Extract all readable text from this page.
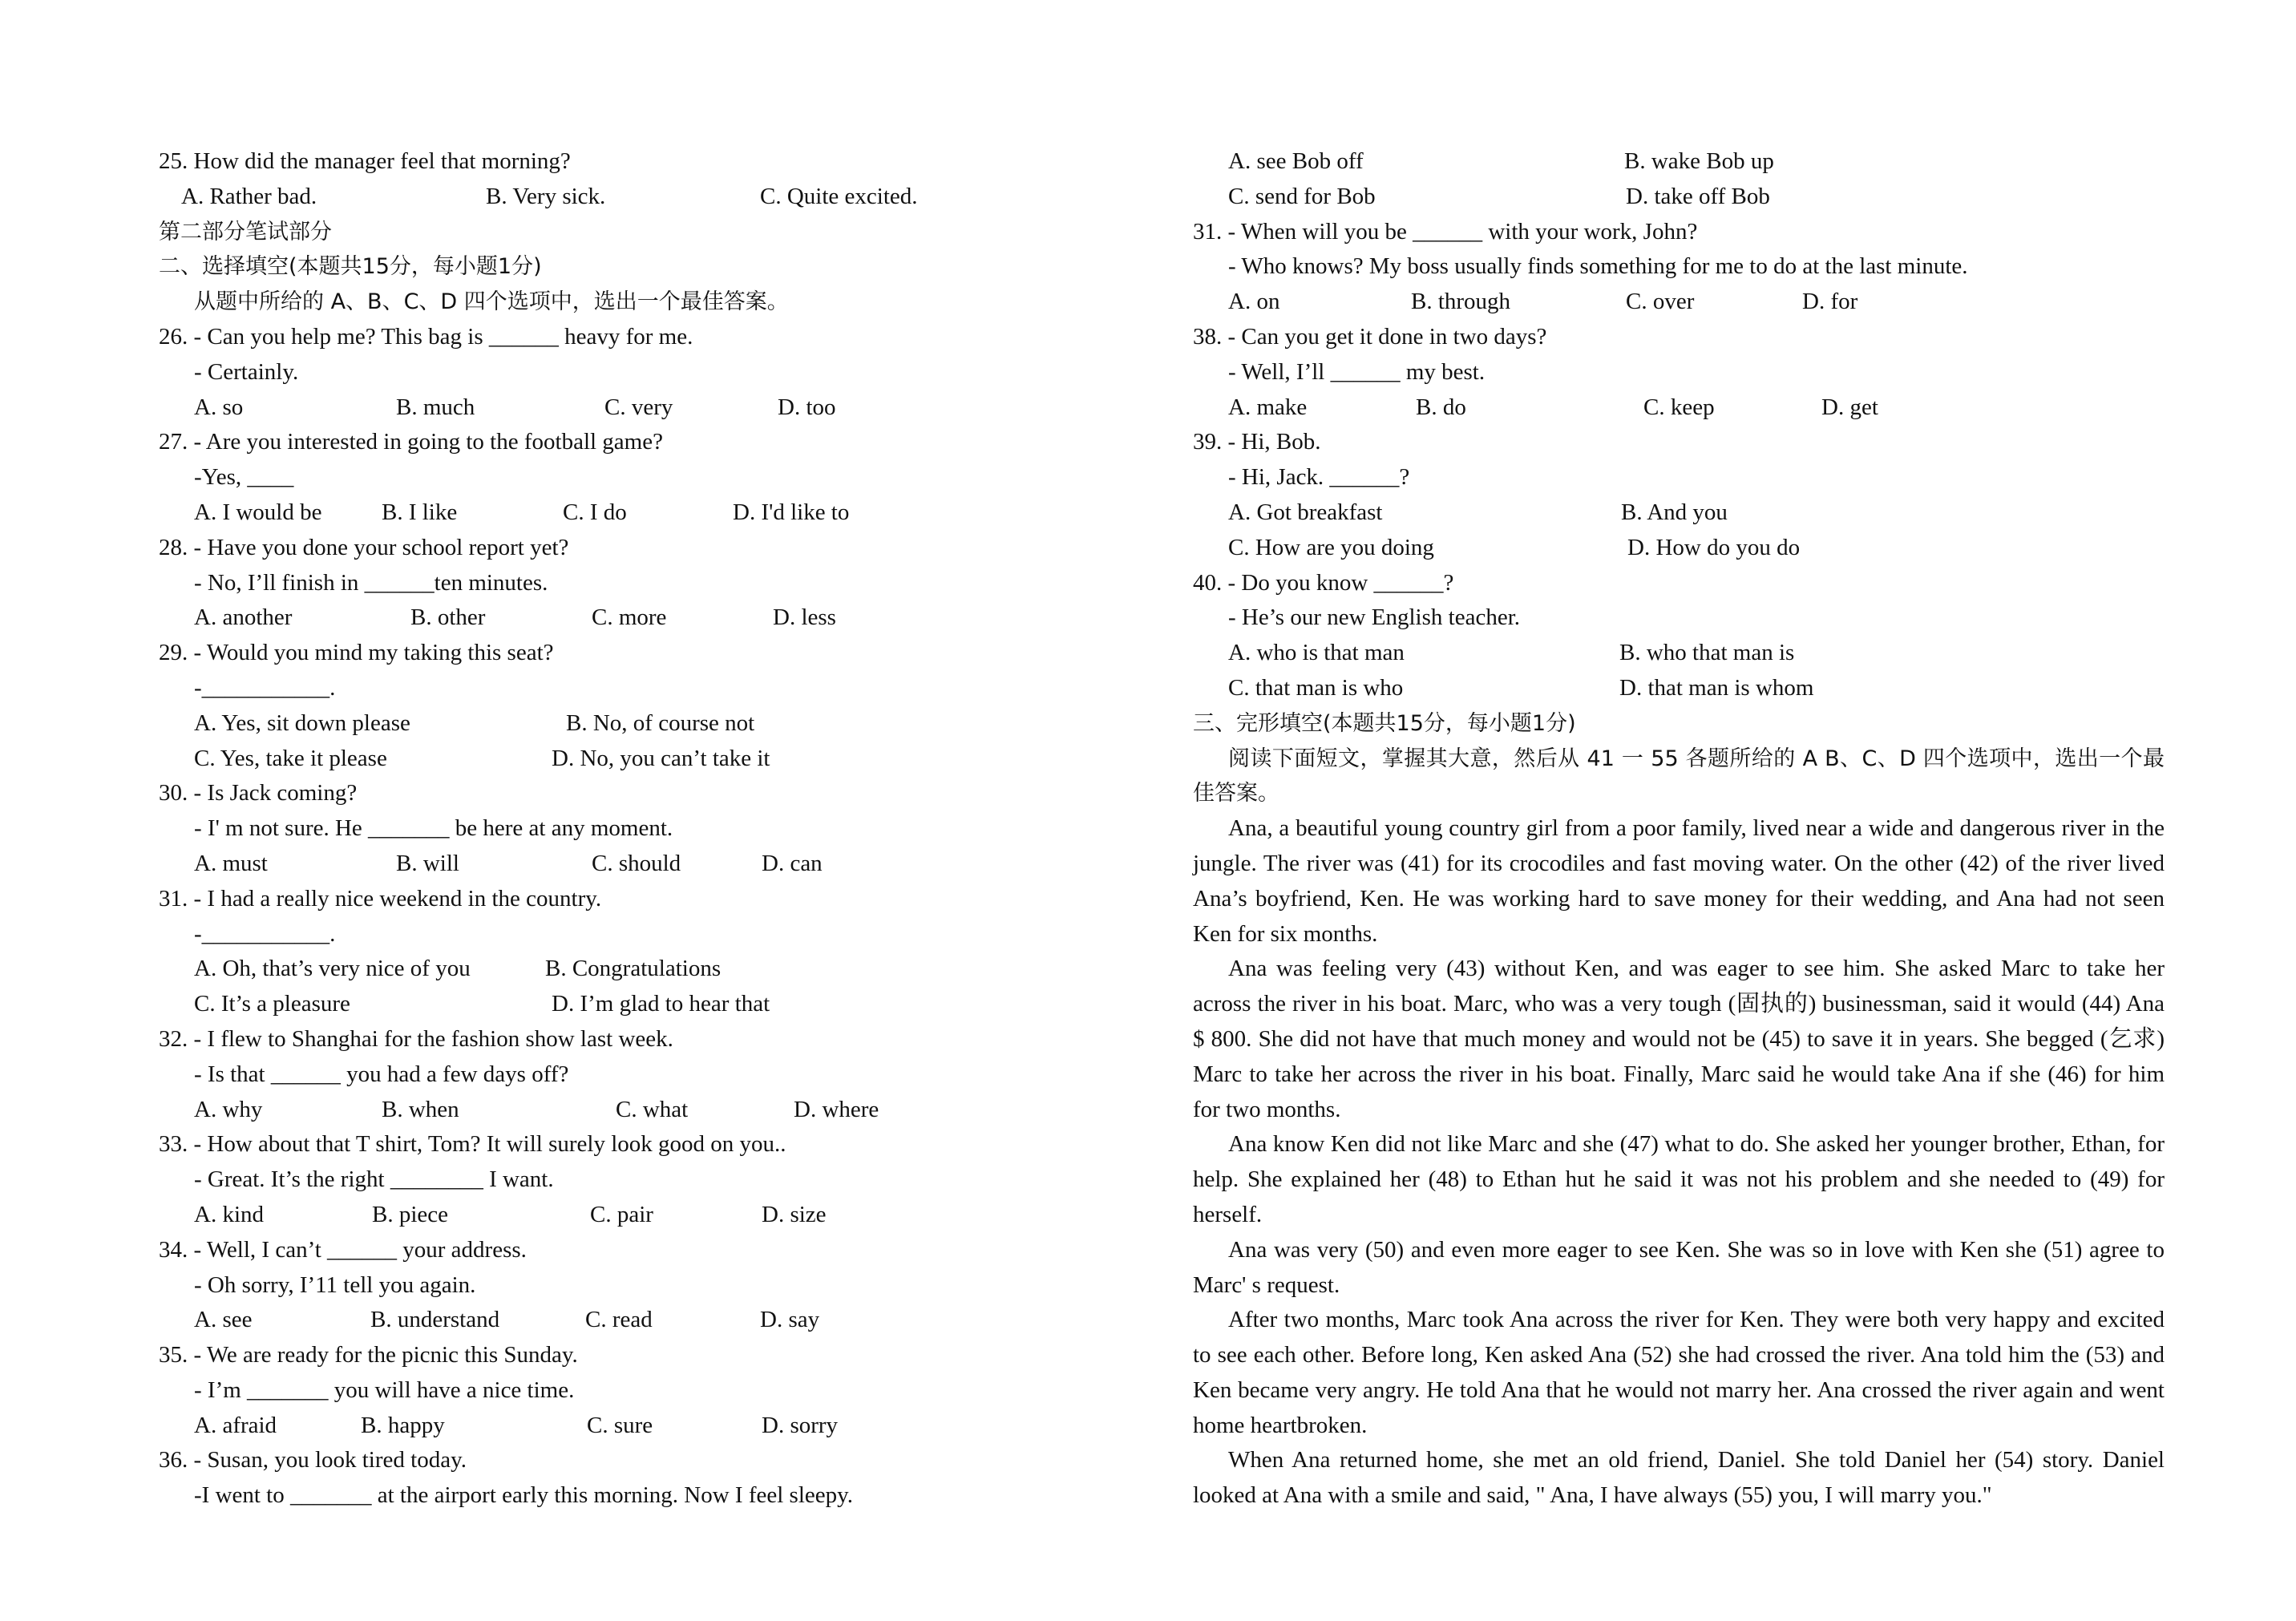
25. How did the manager feel that morning?
A. Rather bad.	B. Very sick.	C. Quite excited.
第二部分笔试部分
二、选择填空(本题共15分，每小题1分)
从题中所给的 A、B、C、D 四个选项中，选出一个最佳答案。
26. - Can you help me? This bag is ______ heavy for me.
- Certainly.
A. so	B. much	C. very	D. too
27. - Are you interested in going to the football game?
-Yes, ____
A. I would be	B. I like	C. I do	D. I'd like to
28. - Have you done your school report yet?
- No, I’ll finish in ______ten minutes.
A. another	B. other	C. more	D. less
29. - Would you mind my taking this seat?
-___________.
A. Yes, sit down please	B. No, of course not
C. Yes, take it please	D. No, you can’t take it
30. - Is Jack coming?
- I' m not sure. He _______ be here at any moment.
A. must	B. will	C. should	D. can
31. - I had a really nice weekend in the country.
-___________.
A. Oh, that’s very nice of you	B. Congratulations
C. It’s a pleasure	D. I’m glad to hear that
32. - I flew to Shanghai for the fashion show last week.
- Is that ______ you had a few days off?
A. why	B. when	C. what	D. where
33. - How about that T shirt, Tom? It will surely look good on you..
- Great. It’s the right ________ I want.
A. kind	B. piece	C. pair	D. size
34. - Well, I can’t ______ your address.
- Oh sorry, I’11 tell you again.
A. see	B. understand	C. read	D. say
35. - We are ready for the picnic this Sunday.
- I’m _______ you will have a nice time.
A. afraid	B. happy	C. sure	D. sorry
36. - Susan, you look tired today.
-I went to _______ at the airport early this morning. Now I feel sleepy.
A. see Bob off	B. wake Bob up
C. send for Bob	D. take off Bob
31. - When will you be ______ with your work, John?
- Who knows? My boss usually finds something for me to do at the last minute.
A. on	B. through	C. over	D. for
38. - Can you get it done in two days?
- Well, I’ll ______ my best.
A. make	B. do	C. keep	D. get
39. - Hi, Bob.
- Hi, Jack. ______?
A. Got breakfast	B. And you
C. How are you doing	D. How do you do
40. - Do you know ______?
- He’s our new English teacher.
A. who is that man	B. who that man is
C. that man is who	D. that man is whom
三、完形填空(本题共15分，每小题1分)

阅读下面短文，掌握其大意，然后从 41 一 55 各题所给的 A B、C、D 四个选项中，选出一个最佳答案。

Ana, a beautiful young country girl from a poor family, lived near a wide and dangerous river in the jungle. The river was (41) for its crocodiles and fast moving water. On the other (42) of the river lived Ana’s boyfriend, Ken. He was working hard to save money for their wedding, and Ana had not seen Ken for six months.

Ana was feeling very (43) without Ken, and was eager to see him. She asked Marc to take her across the river in his boat. Marc, who was a very tough (固执的) businessman, said it would (44) Ana $ 800. She did not have that much money and would not be (45) to save it in years. She begged (乞求) Marc to take her across the river in his boat. Finally, Marc said he would take Ana if she (46) for him for two months.

Ana know Ken did not like Marc and she (47) what to do. She asked her younger brother, Ethan, for help. She explained her (48) to Ethan hut he said it was not his problem and she needed to (49) for herself.

Ana was very (50) and even more eager to see Ken. She was so in love with Ken she (51) agree to Marc' s request.

After two months, Marc took Ana across the river for Ken. They were both very happy and excited to see each other. Before long, Ken asked Ana (52) she had crossed the river. Ana told him the (53) and Ken became very angry. He told Ana that he would not marry her. Ana crossed the river again and went home heartbroken.

When Ana returned home, she met an old friend, Daniel. She told Daniel her (54) story. Daniel looked at Ana with a smile and said, " Ana, I have always (55) you, I will marry you."
